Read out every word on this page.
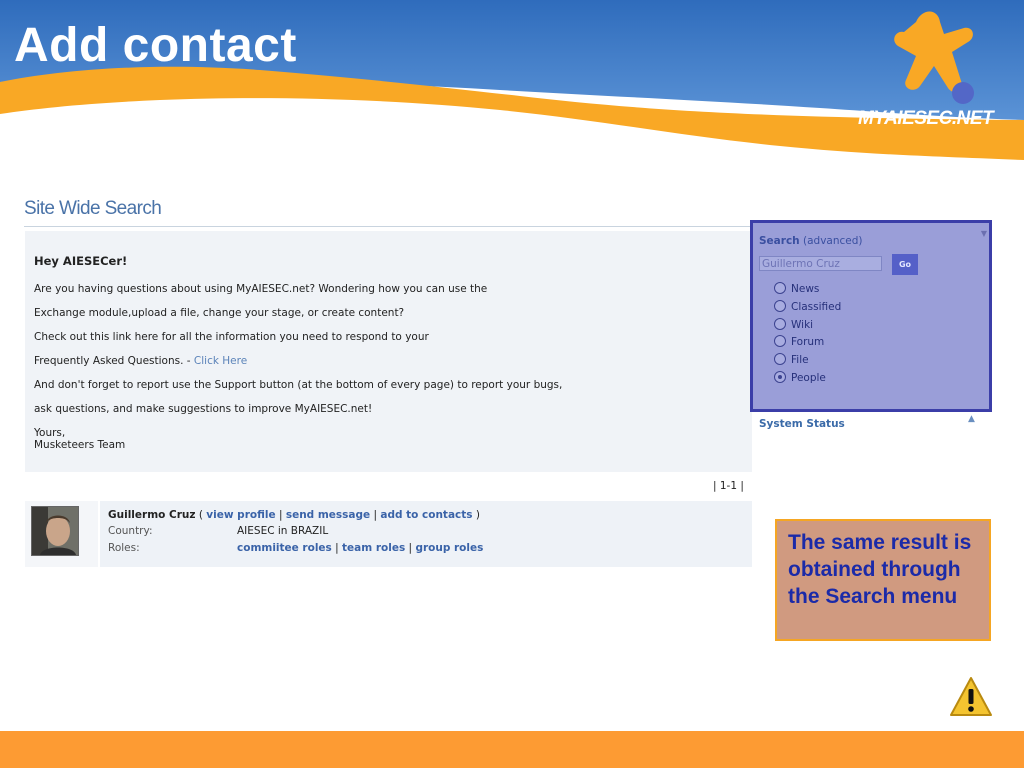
Add contact
MYAIESEC.NET
Site Wide Search
Hey AIESECer!
Are you having questions about using MyAIESEC.net? Wondering how you can use the
Exchange module,upload a file, change your stage, or create content?
Check out this link here for all the information you need to respond to your
Frequently Asked Questions. - Click Here
And don't forget to report use the Support button (at the bottom of every page) to report your bugs,
ask questions, and make suggestions to improve MyAIESEC.net!
Yours,
Musketeers Team
| 1-1 |
Guillermo Cruz ( view profile | send message | add to contacts )
Country:	AIESEC in BRAZIL
Roles:	commiitee roles | team roles | group roles
Search (advanced)
▼
Guillermo Cruz
Go
News
Classified
Wiki
Forum
File
People
System Status	▲
The same result is obtained through the Search menu
